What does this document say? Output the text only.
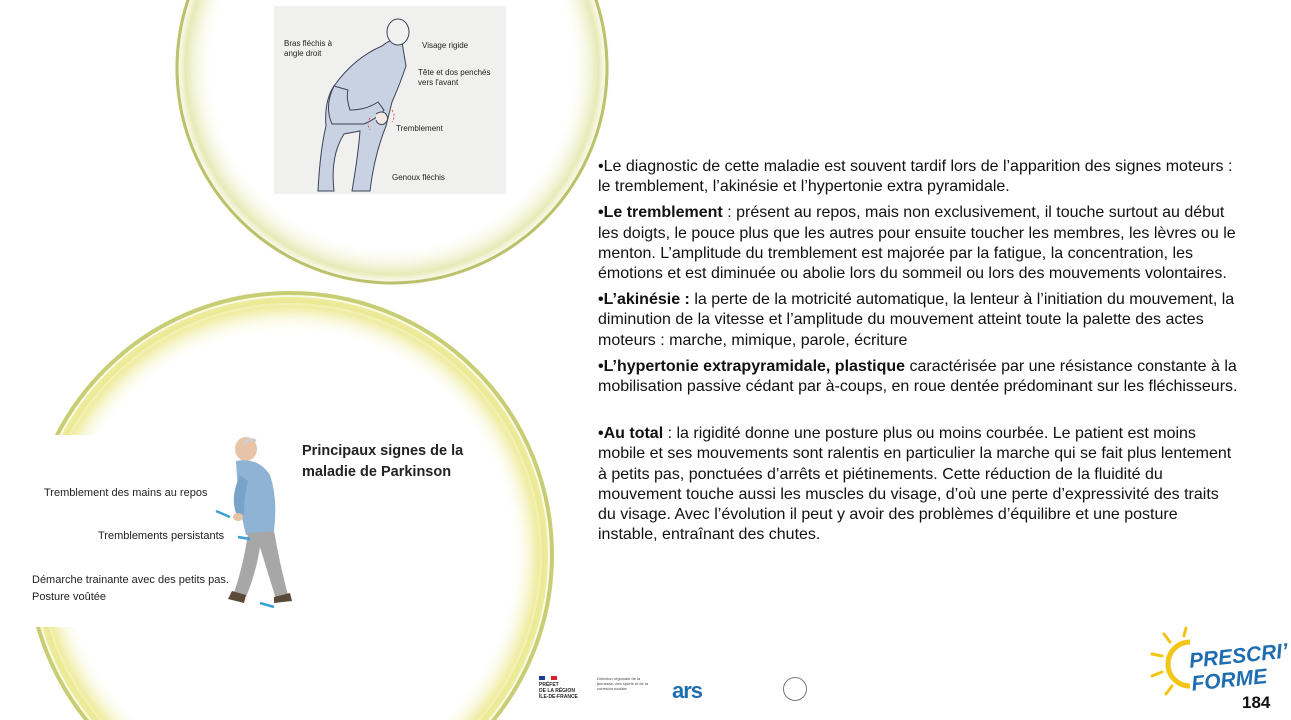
Bras fléchis à
angle droit
Visage rigide
Tête et dos penchés
vers l'avant
Tremblement
Genoux fléchis
Principaux signes de la maladie de Parkinson
Tremblement des mains au repos
Tremblements persistants
Démarche trainante avec des petits pas.
Posture voûtée

•Le diagnostic de cette maladie est souvent tardif lors de l’apparition des signes moteurs : le tremblement, l’akinésie et l’hypertonie extra pyramidale.

•Le tremblement : présent au repos, mais non exclusivement, il touche surtout au début les doigts, le pouce plus que les autres pour ensuite toucher les membres, les lèvres ou le menton. L’amplitude du tremblement est majorée par la fatigue, la concentration, les émotions et est diminuée ou abolie lors du sommeil ou lors des mouvements volontaires.

•L’akinésie : la perte de la motricité automatique, la lenteur à l’initiation du mouvement, la diminution de la vitesse et l’amplitude du mouvement atteint toute la palette des actes moteurs : marche, mimique, parole, écriture

•L’hypertonie extrapyramidale, plastique caractérisée par une résistance constante à la mobilisation passive cédant par à-coups, en roue dentée prédominant sur les fléchisseurs.

•Au total : la rigidité donne une posture plus ou moins courbée. Le patient est moins mobile et ses mouvements sont ralentis en particulier la marche qui se fait plus lentement à petits pas, ponctuées d’arrêts et piétinements. Cette réduction de la fluidité du mouvement touche aussi les muscles du visage, d’où une perte d’expressivité des traits du visage. Avec l’évolution il peut y avoir des problèmes d’équilibre et une posture instable, entraînant des chutes.

PRÉFET
DE LA RÉGION
ÎLE-DE-FRANCE
Direction régionale de la jeunesse, des sports et de la cohésion sociale	ars
PRESCRI’
FORME
184
